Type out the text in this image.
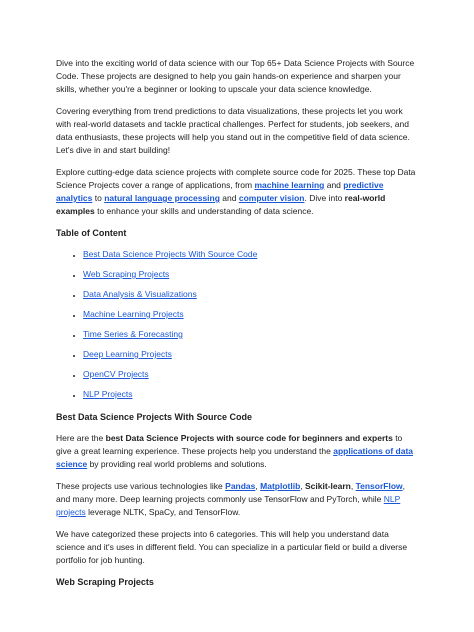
Dive into the exciting world of data science with our Top 65+ Data Science Projects with Source Code. These projects are designed to help you gain hands-on experience and sharpen your skills, whether you're a beginner or looking to upscale your data science knowledge.

Covering everything from trend predictions to data visualizations, these projects let you work with real-world datasets and tackle practical challenges. Perfect for students, job seekers, and data enthusiasts, these projects will help you stand out in the competitive field of data science. Let's dive in and start building!

Explore cutting-edge data science projects with complete source code for 2025. These top Data Science Projects cover a range of applications, from machine learning and predictive analytics to natural language processing and computer vision. Dive into real-world examples to enhance your skills and understanding of data science.

Table of Content
• Best Data Science Projects With Source Code
• Web Scraping Projects
• Data Analysis & Visualizations
• Machine Learning Projects
• Time Series & Forecasting
• Deep Learning Projects
• OpenCV Projects
• NLP Projects
Best Data Science Projects With Source Code

Here are the best Data Science Projects with source code for beginners and experts to give a great learning experience. These projects help you understand the applications of data science by providing real world problems and solutions.

These projects use various technologies like Pandas, Matplotlib, Scikit-learn, TensorFlow, and many more. Deep learning projects commonly use TensorFlow and PyTorch, while NLP projects leverage NLTK, SpaCy, and TensorFlow.

We have categorized these projects into 6 categories. This will help you understand data science and it's uses in different field. You can specialize in a particular field or build a diverse portfolio for job hunting.

Web Scraping Projects
